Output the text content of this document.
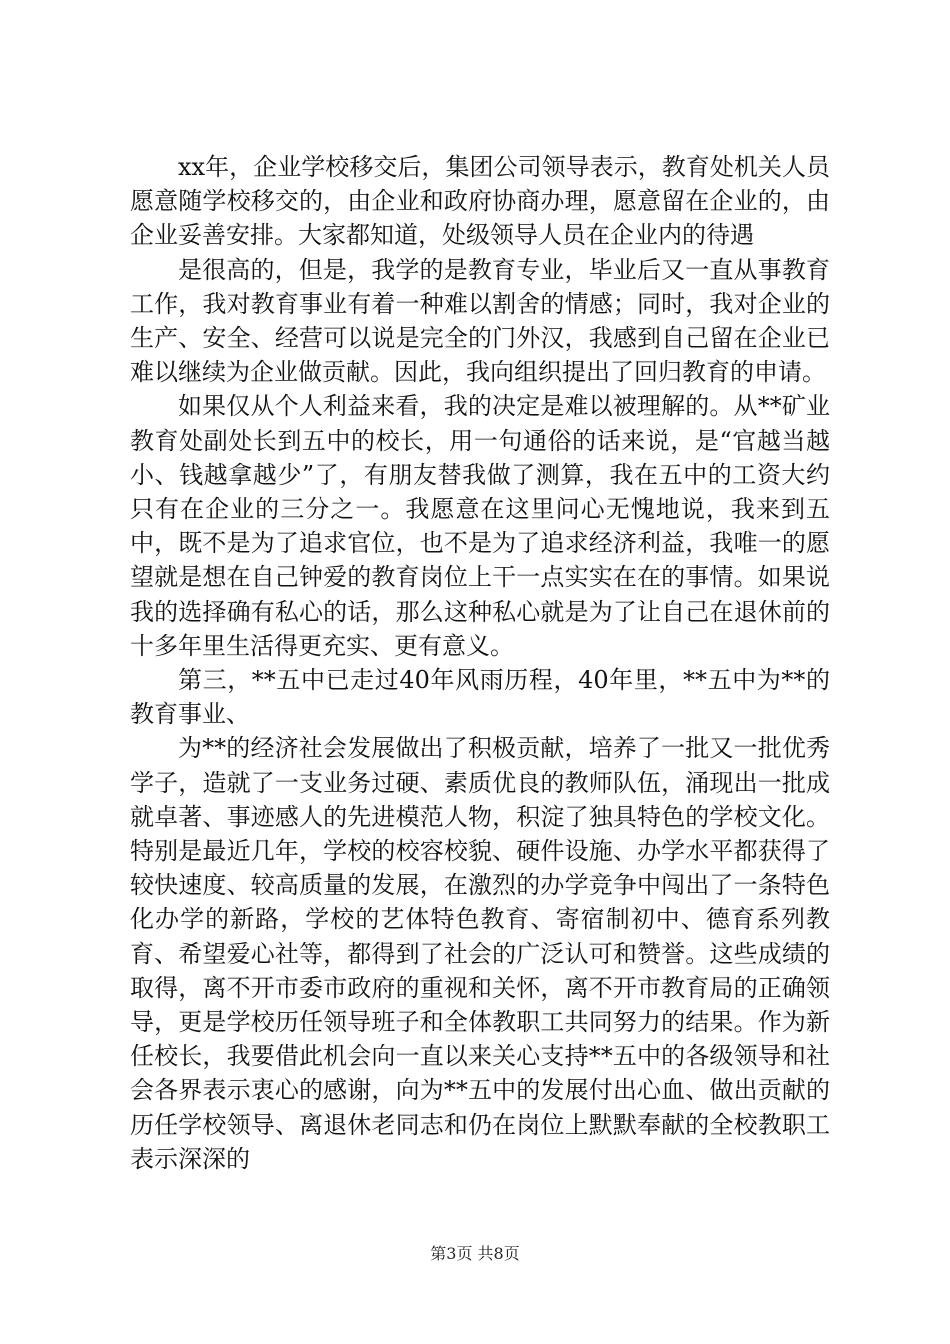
xx年，企业学校移交后，集团公司领导表示，教育处机关人员愿意随学校移交的，由企业和政府协商办理，愿意留在企业的，由企业妥善安排。大家都知道，处级领导人员在企业内的待遇

是很高的，但是，我学的是教育专业，毕业后又一直从事教育工作，我对教育事业有着一种难以割舍的情感；同时，我对企业的生产、安全、经营可以说是完全的门外汉，我感到自己留在企业已难以继续为企业做贡献。因此，我向组织提出了回归教育的申请。

如果仅从个人利益来看，我的决定是难以被理解的。从**矿业教育处副处长到五中的校长，用一句通俗的话来说，是“官越当越小、钱越拿越少”了，有朋友替我做了测算，我在五中的工资大约只有在企业的三分之一。我愿意在这里问心无愧地说，我来到五中，既不是为了追求官位，也不是为了追求经济利益，我唯一的愿望就是想在自己钟爱的教育岗位上干一点实实在在的事情。如果说我的选择确有私心的话，那么这种私心就是为了让自己在退休前的十多年里生活得更充实、更有意义。

第三，**五中已走过40年风雨历程，40年里，**五中为**的教育事业、

为**的经济社会发展做出了积极贡献，培养了一批又一批优秀学子，造就了一支业务过硬、素质优良的教师队伍，涌现出一批成就卓著、事迹感人的先进模范人物，积淀了独具特色的学校文化。特别是最近几年，学校的校容校貌、硬件设施、办学水平都获得了较快速度、较高质量的发展，在激烈的办学竞争中闯出了一条特色化办学的新路，学校的艺体特色教育、寄宿制初中、德育系列教育、希望爱心社等，都得到了社会的广泛认可和赞誉。这些成绩的取得，离不开市委市政府的重视和关怀，离不开市教育局的正确领导，更是学校历任领导班子和全体教职工共同努力的结果。作为新任校长，我要借此机会向一直以来关心支持**五中的各级领导和社会各界表示衷心的感谢，向为**五中的发展付出心血、做出贡献的历任学校领导、离退休老同志和仍在岗位上默默奉献的全校教职工表示深深的

第3页 共8页
